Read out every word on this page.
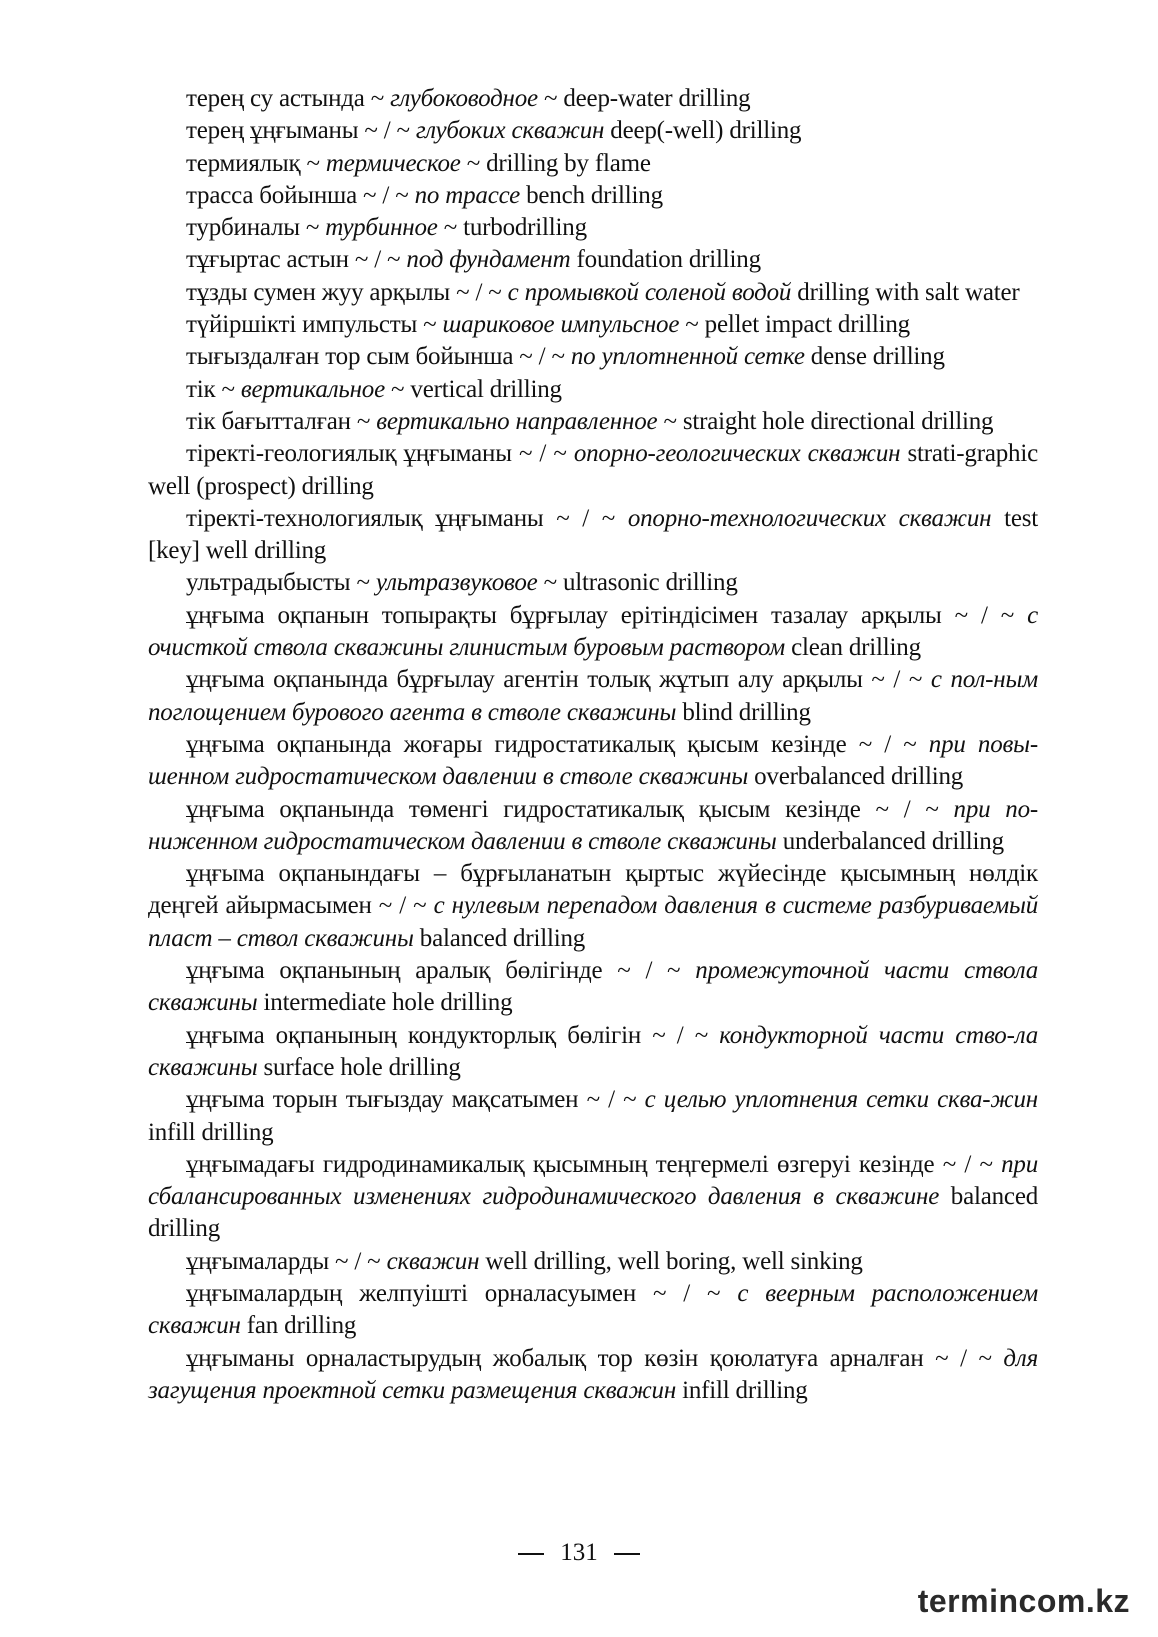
терең су астында ~ глубоководное ~ deep-water drilling

терең ұңғыманы ~ / ~ глубоких скважин deep(-well) drilling

термиялық ~ термическое ~ drilling by flame

трасса бойынша ~ / ~ по трассе bench drilling

турбиналы ~ турбинное ~ turbodrilling

тұғыртас астын ~ / ~ под фундамент foundation drilling

тұзды сумен жуу арқылы ~ / ~ с промывкой соленой водой drilling with salt water

түйіршікті импульсты ~ шариковое импульсное ~ pellet impact drilling

тығыздалған тор сым бойынша ~ / ~ по уплотненной сетке dense drilling

тік ~ вертикальное ~ vertical drilling

тік бағытталған ~ вертикально направленное ~ straight hole directional drilling

тіректі-геологиялық ұңғыманы ~ / ~ опорно-геологических скважин strati-graphic well (prospect) drilling

тіректі-технологиялық ұңғыманы ~ / ~ опорно-технологических скважин test [key] well drilling

ультрадыбысты ~ ультразвуковое ~ ultrasonic drilling

ұңғыма оқпанын топырақты бұрғылау ерітіндісімен тазалау арқылы ~ / ~ с очисткой ствола скважины глинистым буровым раствором clean drilling

ұңғыма оқпанында бұрғылау агентін толық жұтып алу арқылы ~ / ~ с пол-ным поглощением бурового агента в стволе скважины blind drilling

ұңғыма оқпанында жоғары гидростатикалық қысым кезінде ~ / ~ при повы-шенном гидростатическом давлении в стволе скважины overbalanced drilling

ұңғыма оқпанында төменгі гидростатикалық қысым кезінде ~ / ~ при по-ниженном гидростатическом давлении в стволе скважины underbalanced drilling

ұңғыма оқпанындағы – бұрғыланатын қыртыс жүйесінде қысымның нөлдік деңгей айырмасымен ~ / ~ с нулевым перепадом давления в системе разбуриваемый пласт – ствол скважины balanced drilling

ұңғыма оқпанының аралық бөлігінде ~ / ~ промежуточной части ствола скважины intermediate hole drilling

ұңғыма оқпанының кондукторлық бөлігін ~ / ~ кондукторной части ство-ла скважины surface hole drilling

ұңғыма торын тығыздау мақсатымен ~ / ~ с целью уплотнения сетки сква-жин infill drilling

ұңғымадағы гидродинамикалық қысымның теңгермелі өзгеруі кезінде ~ / ~ при сбалансированных изменениях гидродинамического давления в скважине balanced drilling

ұңғымаларды ~ / ~ скважин well drilling, well boring, well sinking

ұңғымалардың желпуішті орналасуымен ~ / ~ с веерным расположением скважин fan drilling

ұңғыманы орналастырудың жобалық тор көзін қоюлатуға арналған ~ / ~ для загущения проектной сетки размещения скважин infill drilling

131
termincom.kz
